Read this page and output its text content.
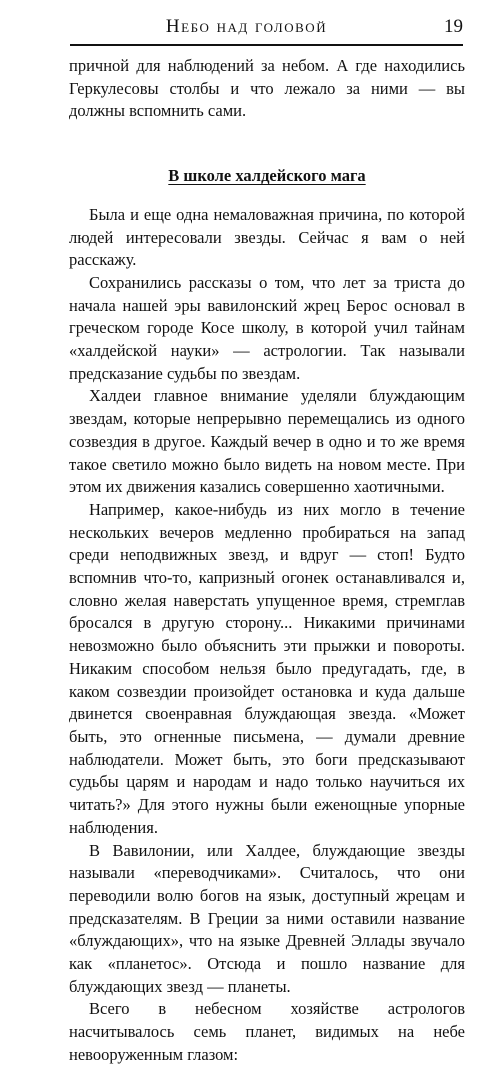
Небо над головой	19

причной для наблюдений за небом. А где находились Геркулесовы столбы и что лежало за ними — вы должны вспомнить сами.

В школе халдейского мага

Была и еще одна немаловажная причина, по которой людей интересовали звезды. Сейчас я вам о ней расскажу.

Сохранились рассказы о том, что лет за триста до начала нашей эры вавилонский жрец Берос основал в греческом городе Косе школу, в которой учил тайнам «халдейской науки» — астрологии. Так называли предсказание судьбы по звездам.

Халдеи главное внимание уделяли блуждающим звездам, которые непрерывно перемещались из одного созвездия в другое. Каждый вечер в одно и то же время такое светило можно было видеть на новом месте. При этом их движения казались совершенно хаотичными.

Например, какое-нибудь из них могло в течение нескольких вечеров медленно пробираться на запад среди неподвижных звезд, и вдруг — стоп! Будто вспомнив что-то, капризный огонек останавливался и, словно желая наверстать упущенное время, стремглав бросался в другую сторону... Никакими причинами невозможно было объяснить эти прыжки и повороты. Никаким способом нельзя было предугадать, где, в каком созвездии произойдет остановка и куда дальше двинется своенравная блуждающая звезда. «Может быть, это огненные письмена, — думали древние наблюдатели. Может быть, это боги предсказывают судьбы царям и народам и надо только научиться их читать?» Для этого нужны были еженощные упорные наблюдения.

В Вавилонии, или Халдее, блуждающие звезды называли «переводчиками». Считалось, что они переводили волю богов на язык, доступный жрецам и предсказателям. В Греции за ними оставили название «блуждающих», что на языке Древней Эллады звучало как «планетос». Отсюда и пошло название для блуждающих звезд — планеты.

Всего в небесном хозяйстве астрологов насчитывалось семь планет, видимых на небе невооруженным глазом:
